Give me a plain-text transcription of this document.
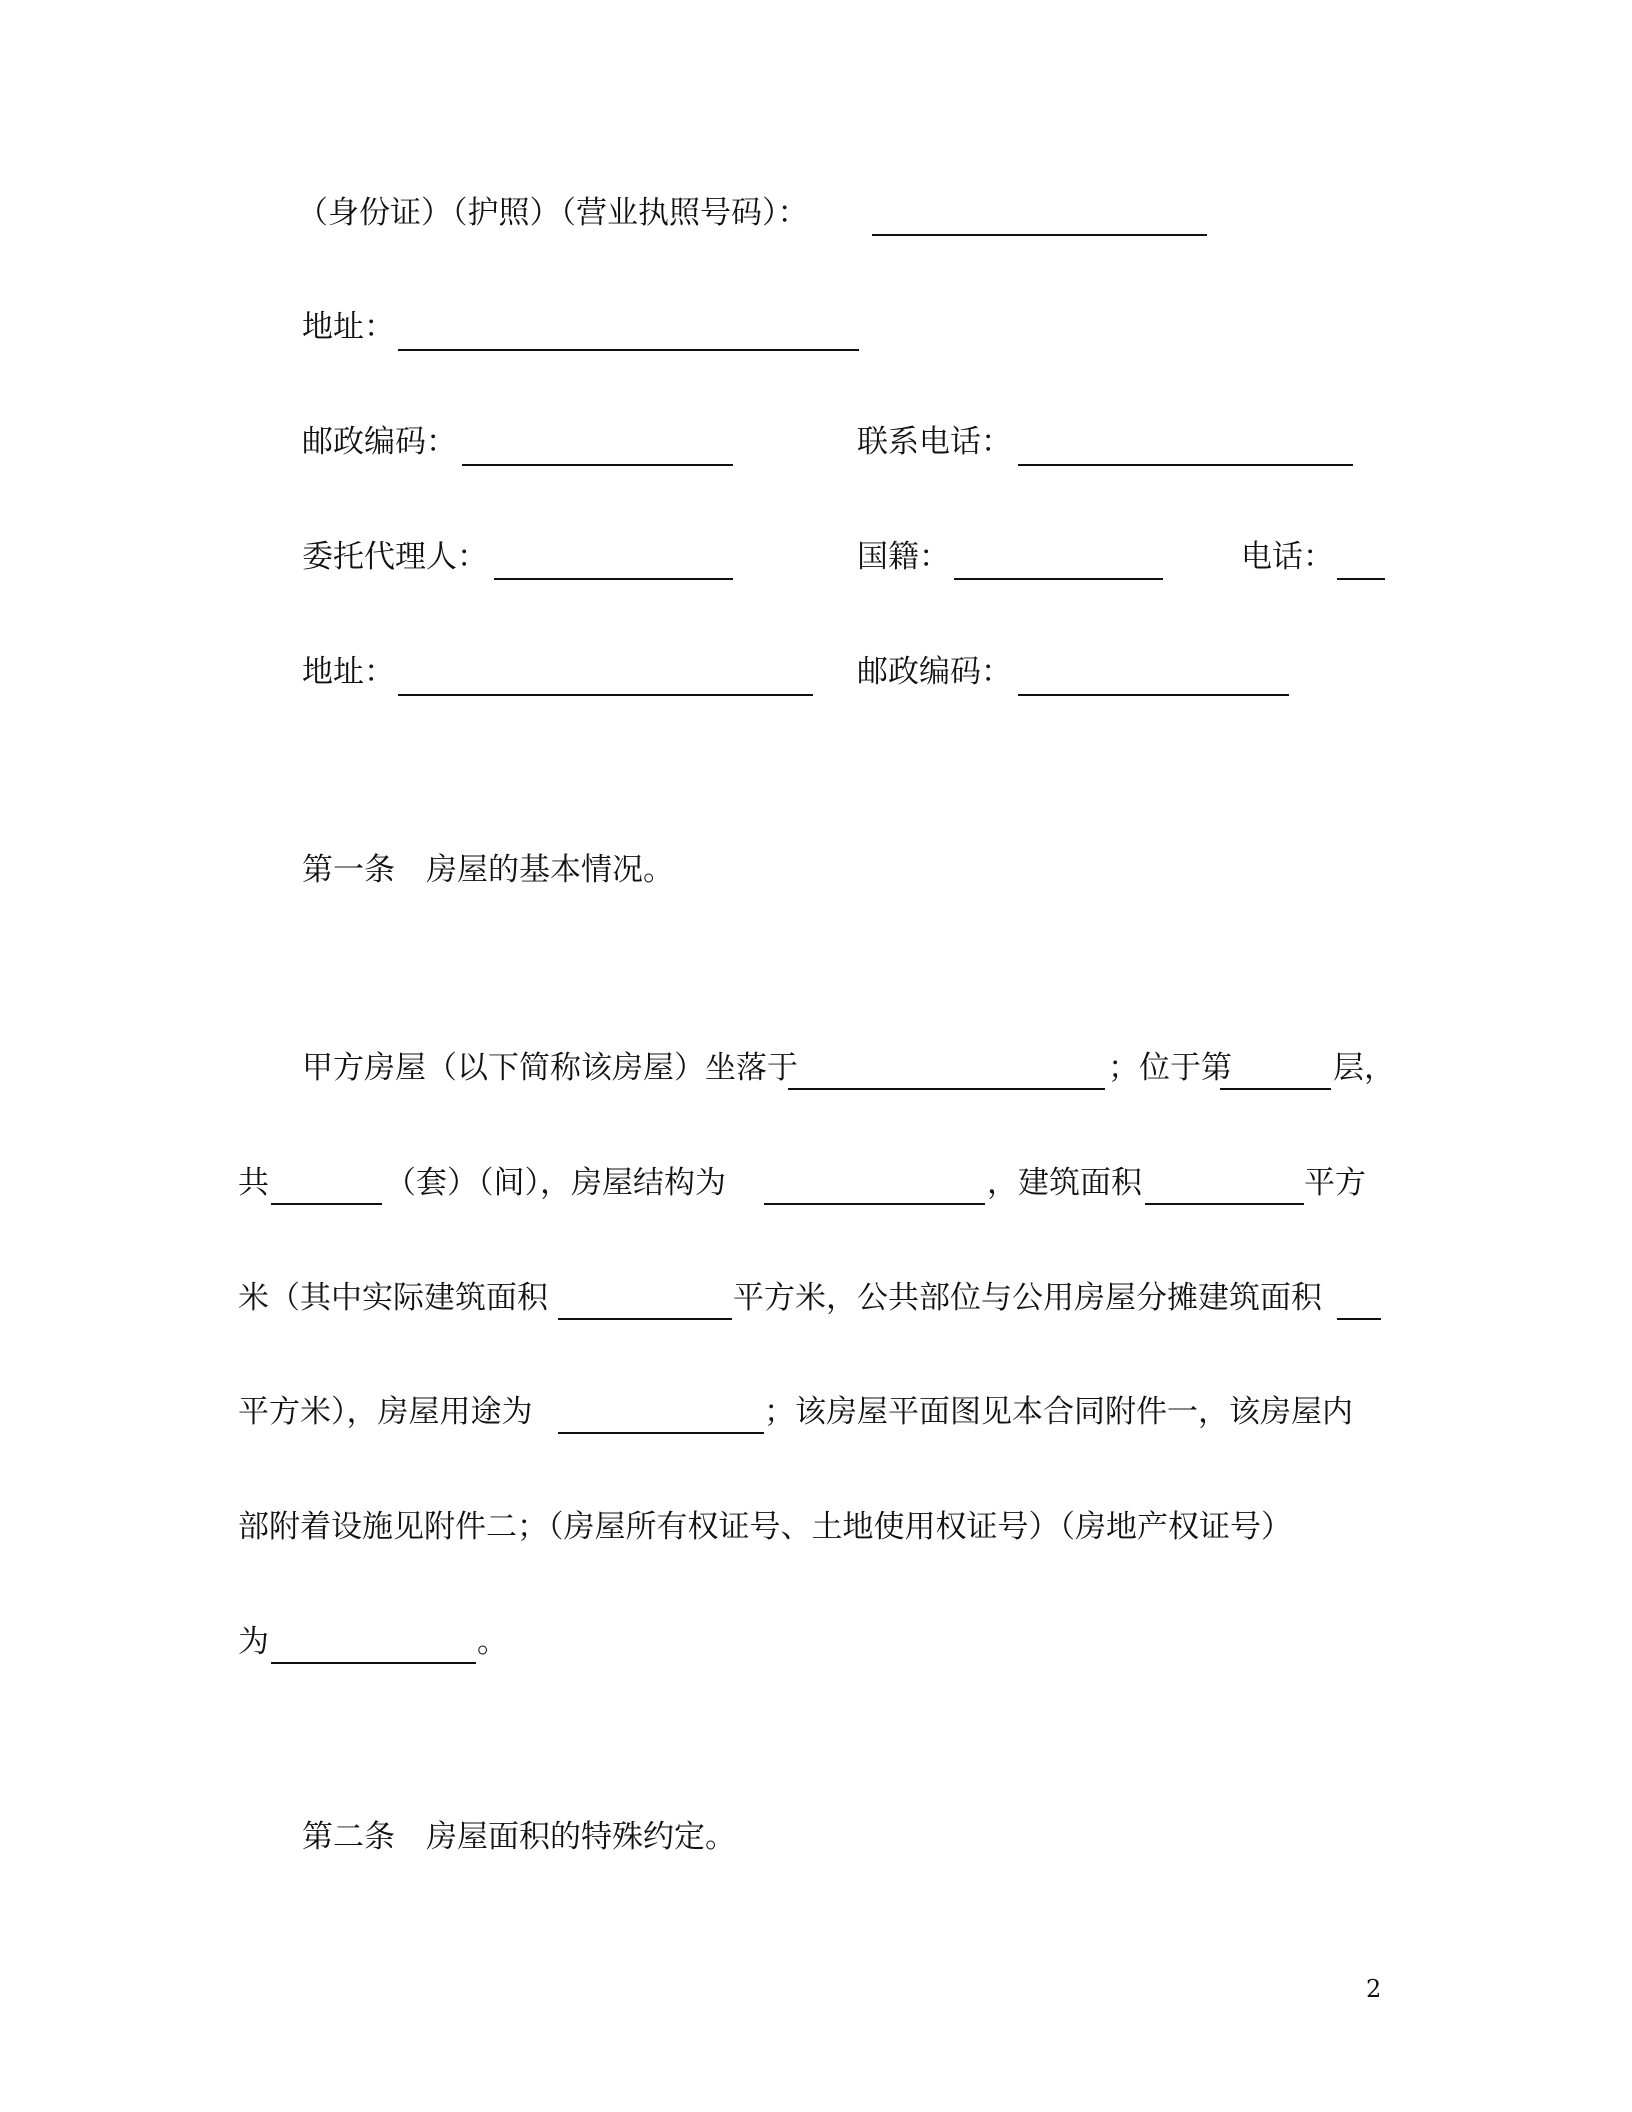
（身份证）（护照）（营业执照号码）：
地址：
邮政编码：	联系电话：
委托代理人：	国籍：	电话：
地址：	邮政编码：
第一条　房屋的基本情况。
甲方房屋（以下简称该房屋）坐落于	；位于第	层，
共	（套）（间），房屋结构为	，建筑面积	平方
米（其中实际建筑面积	平方米，公共部位与公用房屋分摊建筑面积
平方米），房屋用途为	；该房屋平面图见本合同附件一，该房屋内
部附着设施见附件二；（房屋所有权证号、土地使用权证号）（房地产权证号）
为	。
第二条　房屋面积的特殊约定。
2
